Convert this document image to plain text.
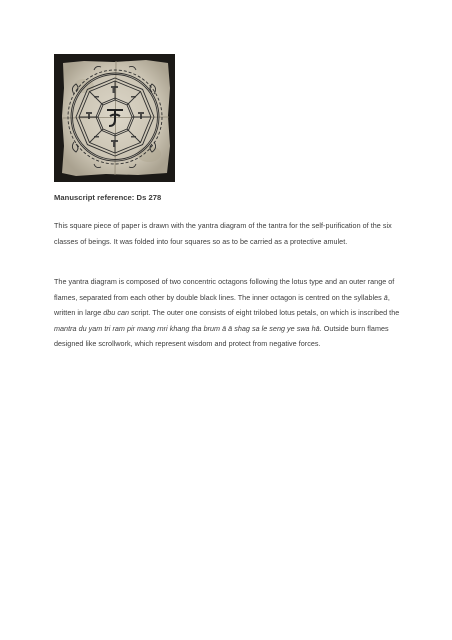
Manuscript reference: Ds 278

This square piece of paper is drawn with the yantra diagram of the tantra for the self-purification of the six classes of beings. It was folded into four squares so as to be carried as a protective amulet.

The yantra diagram is composed of two concentric octagons following the lotus type and an outer range of flames, separated from each other by double black lines. The inner octagon is centred on the syllables ā, written in large dbu can script. The outer one consists of eight trilobed lotus petals, on which is inscribed the mantra du yam tri ram pir mang rnri khang tha brum ā ā shag sa le seng ye swa hā. Outside burn flames designed like scrollwork, which represent wisdom and protect from negative forces.
